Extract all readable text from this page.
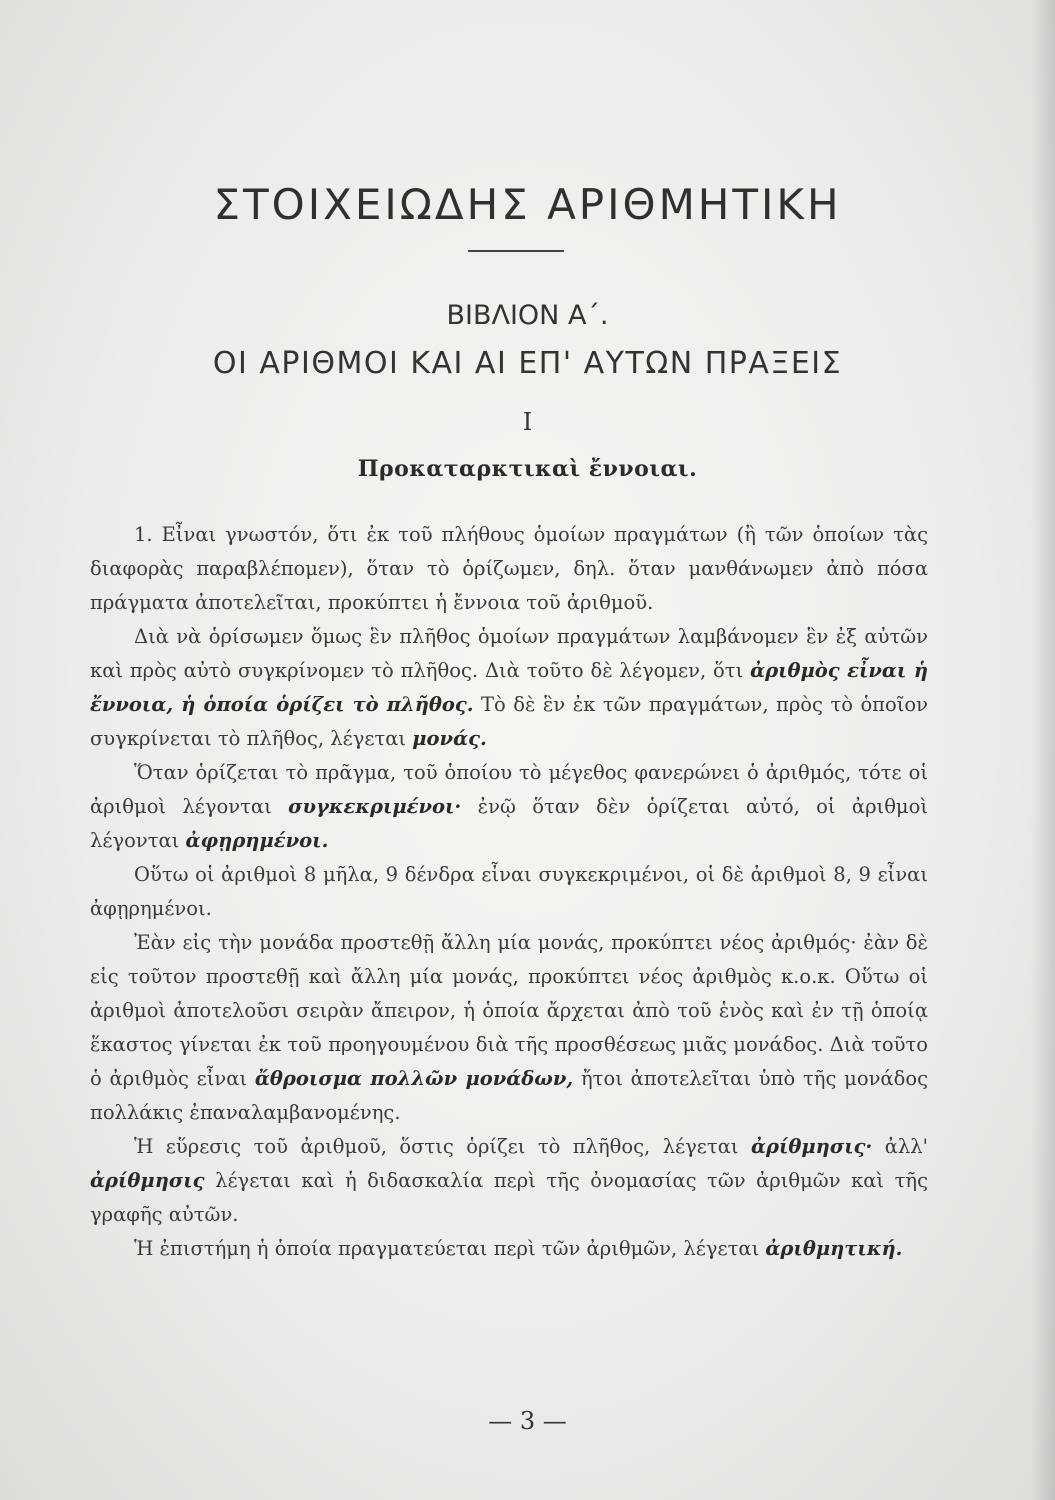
ΣΤΟΙΧΕΙΩΔΗΣ ΑΡΙΘΜΗΤΙΚΗ
ΒΙΒΛΙΟΝ Α΄.
ΟΙ ΑΡΙΘΜΟΙ ΚΑΙ ΑΙ ΕΠ' ΑΥΤΩΝ ΠΡΑΞΕΙΣ
Ι
Προκαταρκτικαὶ ἔννοιαι.

1. Εἶναι γνωστόν, ὅτι ἐκ τοῦ πλήθους ὁμοίων πραγμάτων (ἢ τῶν ὁποίων τὰς διαφορὰς παραβλέπομεν), ὅταν τὸ ὁρίζωμεν, δηλ. ὅταν μανθάνωμεν ἀπὸ πόσα πράγματα ἀποτελεῖται, προκύπτει ἡ ἔννοια τοῦ ἀριθμοῦ.

Διὰ νὰ ὁρίσωμεν ὅμως ἓν πλῆθος ὁμοίων πραγμάτων λαμβάνομεν ἓν ἐξ αὐτῶν καὶ πρὸς αὐτὸ συγκρίνομεν τὸ πλῆθος. Διὰ τοῦτο δὲ λέγομεν, ὅτι ἀριθμὸς εἶναι ἡ ἔννοια, ἡ ὁποία ὁρίζει τὸ πλῆθος. Τὸ δὲ ἓν ἐκ τῶν πραγμάτων, πρὸς τὸ ὁποῖον συγκρίνεται τὸ πλῆθος, λέγεται μονάς.

Ὅταν ὁρίζεται τὸ πρᾶγμα, τοῦ ὁποίου τὸ μέγεθος φανερώνει ὁ ἀριθμός, τότε οἱ ἀριθμοὶ λέγονται συγκεκριμένοι· ἐνῷ ὅταν δὲν ὁρίζεται αὐτό, οἱ ἀριθμοὶ λέγονται ἀφῃρημένοι.

Οὕτω οἱ ἀριθμοὶ 8 μῆλα, 9 δένδρα εἶναι συγκεκριμένοι, οἱ δὲ ἀριθμοὶ 8, 9 εἶναι ἀφῃρημένοι.

Ἐὰν εἰς τὴν μονάδα προστεθῇ ἄλλη μία μονάς, προκύπτει νέος ἀριθμός· ἐὰν δὲ εἰς τοῦτον προστεθῇ καὶ ἄλλη μία μονάς, προκύπτει νέος ἀριθμὸς κ.ο.κ. Οὕτω οἱ ἀριθμοὶ ἀποτελοῦσι σειρὰν ἄπειρον, ἡ ὁποία ἄρχεται ἀπὸ τοῦ ἑνὸς καὶ ἐν τῇ ὁποίᾳ ἕκαστος γίνεται ἐκ τοῦ προηγουμένου διὰ τῆς προσθέσεως μιᾶς μονάδος. Διὰ τοῦτο ὁ ἀριθμὸς εἶναι ἄθροισμα πολλῶν μονάδων, ἤτοι ἀποτελεῖται ὑπὸ τῆς μονάδος πολλάκις ἐπαναλαμβανομένης.

Ἡ εὕρεσις τοῦ ἀριθμοῦ, ὅστις ὁρίζει τὸ πλῆθος, λέγεται ἀρίθμησις· ἀλλ' ἀρίθμησις λέγεται καὶ ἡ διδασκαλία περὶ τῆς ὀνομασίας τῶν ἀριθμῶν καὶ τῆς γραφῆς αὐτῶν.

Ἡ ἐπιστήμη ἡ ὁποία πραγματεύεται περὶ τῶν ἀριθμῶν, λέγεται ἀριθμητική.

— 3 —
